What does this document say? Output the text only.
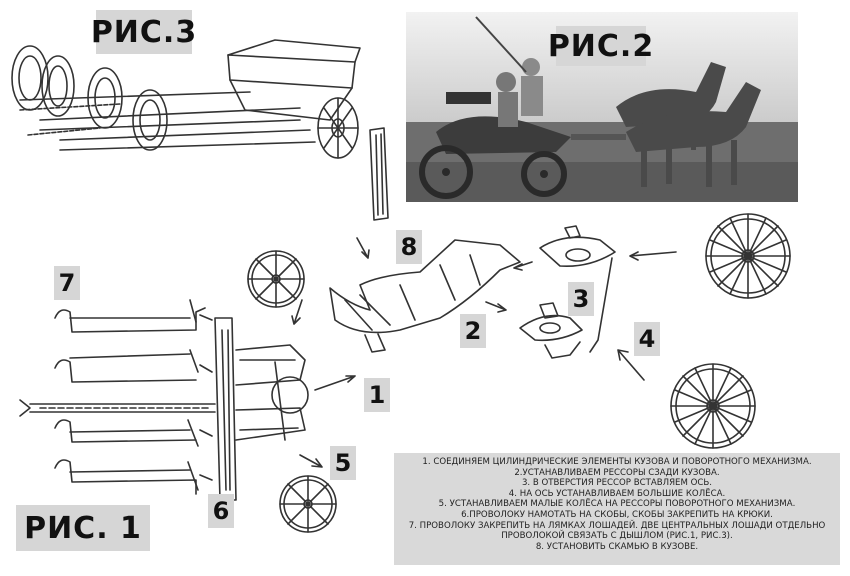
РИС.3	РИС.2
РИС. 1
8
7
2
3
4
1
5
6
1. СОЕДИНЯЕМ ЦИЛИНДРИЧЕСКИЕ ЭЛЕМЕНТЫ КУЗОВА И ПОВОРОТНОГО МЕХАНИЗМА.
2.УСТАНАВЛИВАЕМ РЕССОРЫ СЗАДИ КУЗОВА.
3. В ОТВЕРСТИЯ РЕССОР ВСТАВЛЯЕМ ОСЬ.
4. НА ОСЬ УСТАНАВЛИВАЕМ БОЛЬШИЕ КОЛЁСА.
5. УСТАНАВЛИВАЕМ МАЛЫЕ КОЛЁСА НА РЕССОРЫ ПОВОРОТНОГО МЕХАНИЗМА.
6.ПРОВОЛОКУ НАМОТАТЬ НА СКОБЫ, СКОБЫ ЗАКРЕПИТЬ НА КРЮКИ.
7. ПРОВОЛОКУ ЗАКРЕПИТЬ НА ЛЯМКАХ ЛОШАДЕЙ. ДВЕ ЦЕНТРАЛЬНЫХ ЛОШАДИ ОТДЕЛЬНО
ПРОВОЛОКОЙ СВЯЗАТЬ С ДЫШЛОМ (РИС.1, РИС.3).
8. УСТАНОВИТЬ СКАМЬЮ В КУЗОВЕ.
